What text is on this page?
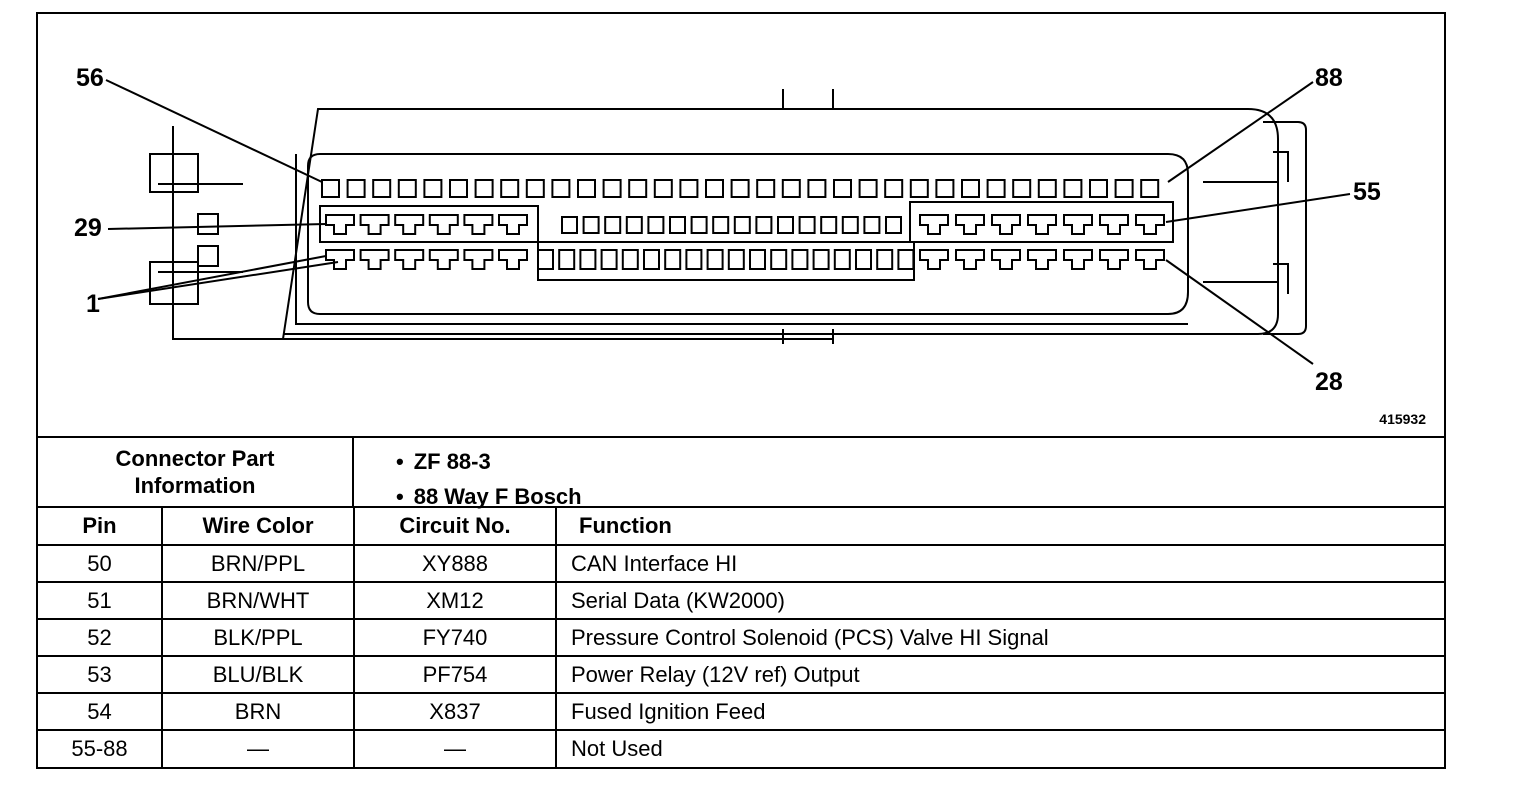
56
29
1
88
55
28
415932
Connector Part Information
• ZF 88-3
• 88 Way F Bosch
Pin	Wire Color	Circuit No.	Function
50	BRN/PPL	XY888	CAN Interface HI
51	BRN/WHT	XM12	Serial Data (KW2000)
52	BLK/PPL	FY740	Pressure Control Solenoid (PCS) Valve HI Signal
53	BLU/BLK	PF754	Power Relay (12V ref) Output
54	BRN	X837	Fused Ignition Feed
55-88	—	—	Not Used
